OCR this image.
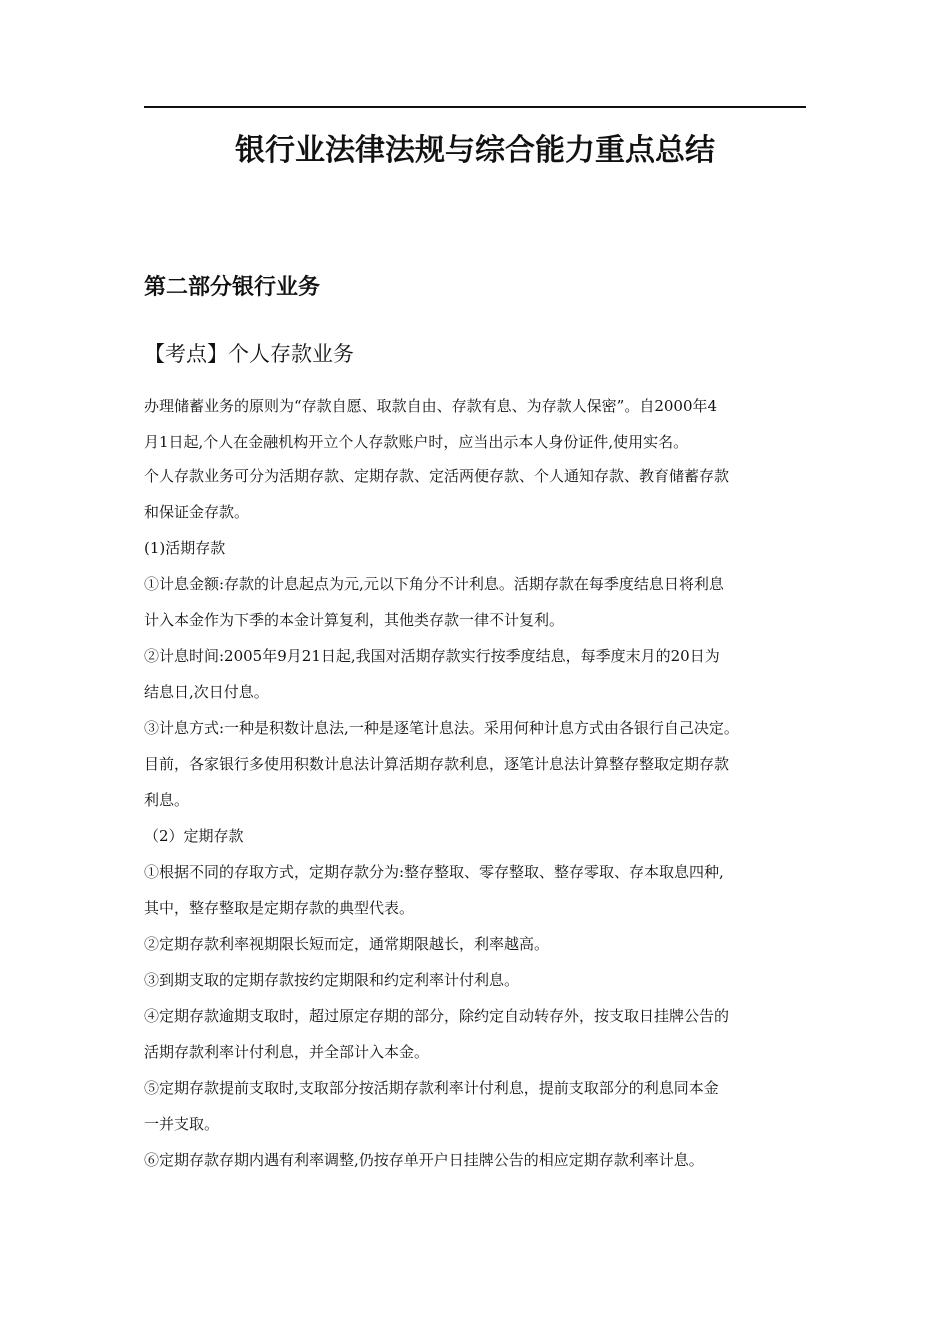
银行业法律法规与综合能力重点总结
第二部分银行业务
【考点】个人存款业务
办理储蓄业务的原则为“存款自愿、取款自由、存款有息、为存款人保密”。自2000年4
月1日起,个人在金融机构开立个人存款账户时，应当出示本人身份证件,使用实名。
个人存款业务可分为活期存款、定期存款、定活两便存款、个人通知存款、教育储蓄存款
和保证金存款。
(1)活期存款
①计息金额:存款的计息起点为元,元以下角分不计利息。活期存款在每季度结息日将利息
计入本金作为下季的本金计算复利，其他类存款一律不计复利。
②计息时间:2005年9月21日起,我国对活期存款实行按季度结息，每季度末月的20日为
结息日,次日付息。
③计息方式:一种是积数计息法,一种是逐笔计息法。采用何种计息方式由各银行自己决定。
目前，各家银行多使用积数计息法计算活期存款利息，逐笔计息法计算整存整取定期存款
利息。
（2）定期存款
①根据不同的存取方式，定期存款分为:整存整取、零存整取、整存零取、存本取息四种,
其中，整存整取是定期存款的典型代表。
②定期存款利率视期限长短而定，通常期限越长，利率越高。
③到期支取的定期存款按约定期限和约定利率计付利息。
④定期存款逾期支取时，超过原定存期的部分，除约定自动转存外，按支取日挂牌公告的
活期存款利率计付利息，并全部计入本金。
⑤定期存款提前支取时,支取部分按活期存款利率计付利息，提前支取部分的利息同本金
一并支取。
⑥定期存款存期内遇有利率调整,仍按存单开户日挂牌公告的相应定期存款利率计息。
